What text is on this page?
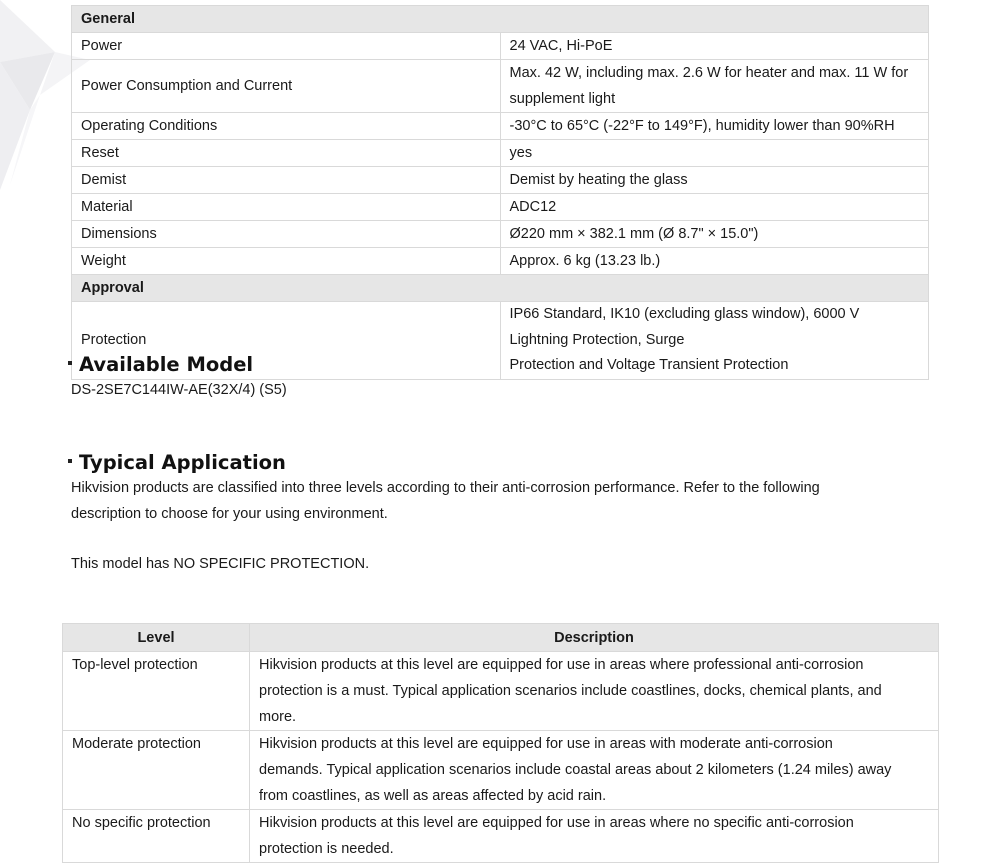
General	
Power	24 VAC, Hi-PoE
Power Consumption and Current	Max. 42 W, including max. 2.6 W for heater and max. 11 W for supplement light
Operating Conditions	-30°C to 65°C (-22°F to 149°F), humidity lower than 90%RH
Reset	yes
Demist	Demist by heating the glass
Material	ADC12
Dimensions	Ø220 mm × 382.1 mm (Ø 8.7" × 15.0")
Weight	Approx. 6 kg (13.23 lb.)
Approval	
Protection	IP66 Standard, IK10 (excluding glass window), 6000 V Lightning Protection, Surge
Protection and Voltage Transient Protection
Available Model
DS-2SE7C144IW-AE(32X/4) (S5)
Typical Application
Hikvision products are classified into three levels according to their anti-corrosion performance. Refer to the following
description to choose for your using environment.
This model has NO SPECIFIC PROTECTION.
Level	Description
Top-level protection	Hikvision products at this level are equipped for use in areas where professional anti-corrosion
protection is a must. Typical application scenarios include coastlines, docks, chemical plants, and
more.

Moderate protection	Hikvision products at this level are equipped for use in areas with moderate anti-corrosion
demands. Typical application scenarios include coastal areas about 2 kilometers (1.24 miles) away
from coastlines, as well as areas affected by acid rain.

No specific protection	Hikvision products at this level are equipped for use in areas where no specific anti-corrosion
protection is needed.
